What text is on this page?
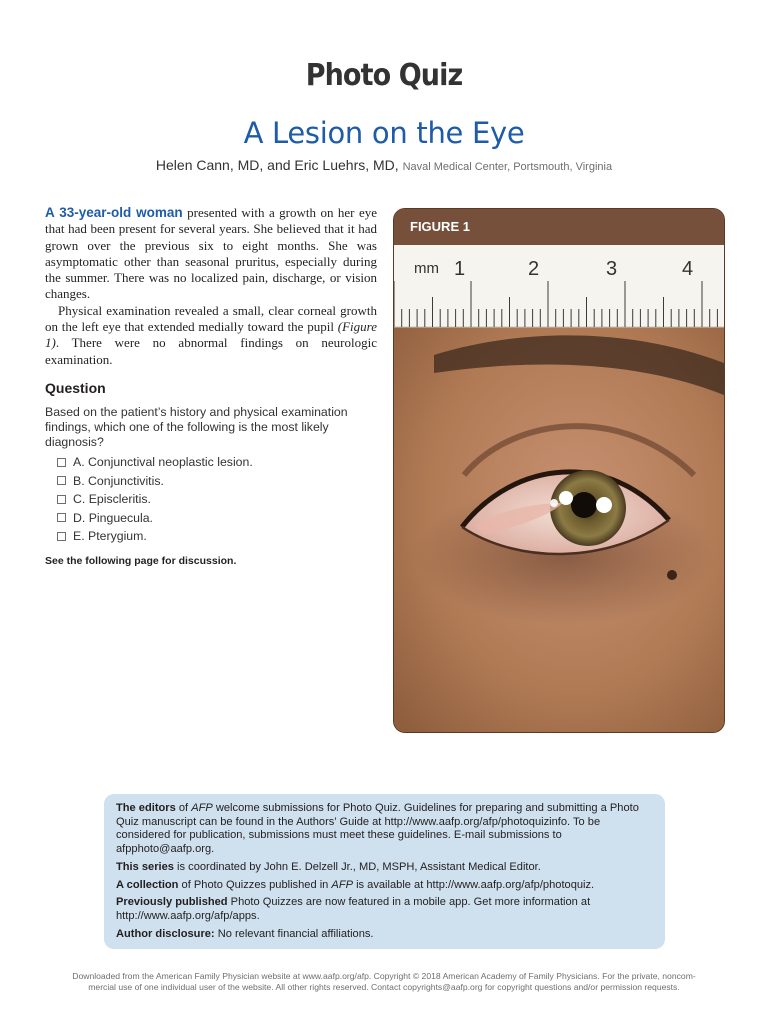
Photo Quiz
A Lesion on the Eye
Helen Cann, MD, and Eric Luehrs, MD, Naval Medical Center, Portsmouth, Virginia

A 33-year-old woman presented with a growth on her eye that had been present for several years. She believed that it had grown over the previous six to eight months. She was asymptomatic other than seasonal pruritus, especially during the summer. There was no localized pain, discharge, or vision changes.

Physical examination revealed a small, clear corneal growth on the left eye that extended medially toward the pupil (Figure 1). There were no abnormal findings on neurologic examination.

Question
Based on the patient’s history and physical examination findings, which one of the following is the most likely diagnosis?
A. Conjunctival neoplastic lesion.
B. Conjunctivitis.
C. Episcleritis.
D. Pinguecula.
E. Pterygium.
See the following page for discussion.
FIGURE 1
mm 1	2	3	4

The editors of AFP welcome submissions for Photo Quiz. Guidelines for preparing and submitting a Photo Quiz manuscript can be found in the Authors’ Guide at http://www.aafp.org/afp/photoquizinfo. To be considered for publication, submissions must meet these guidelines. E-mail submissions to afpphoto@aafp.org.

This series is coordinated by John E. Delzell Jr., MD, MSPH, Assistant Medical Editor.

A collection of Photo Quizzes published in AFP is available at http://www.aafp.org/afp/photoquiz.

Previously published Photo Quizzes are now featured in a mobile app. Get more information at http://www.aafp.org/afp/apps.

Author disclosure: No relevant financial affiliations.

Downloaded from the American Family Physician website at www.aafp.org/afp. Copyright © 2018 American Academy of Family Physicians. For the private, noncom-
mercial use of one individual user of the website. All other rights reserved. Contact copyrights@aafp.org for copyright questions and/or permission requests.
